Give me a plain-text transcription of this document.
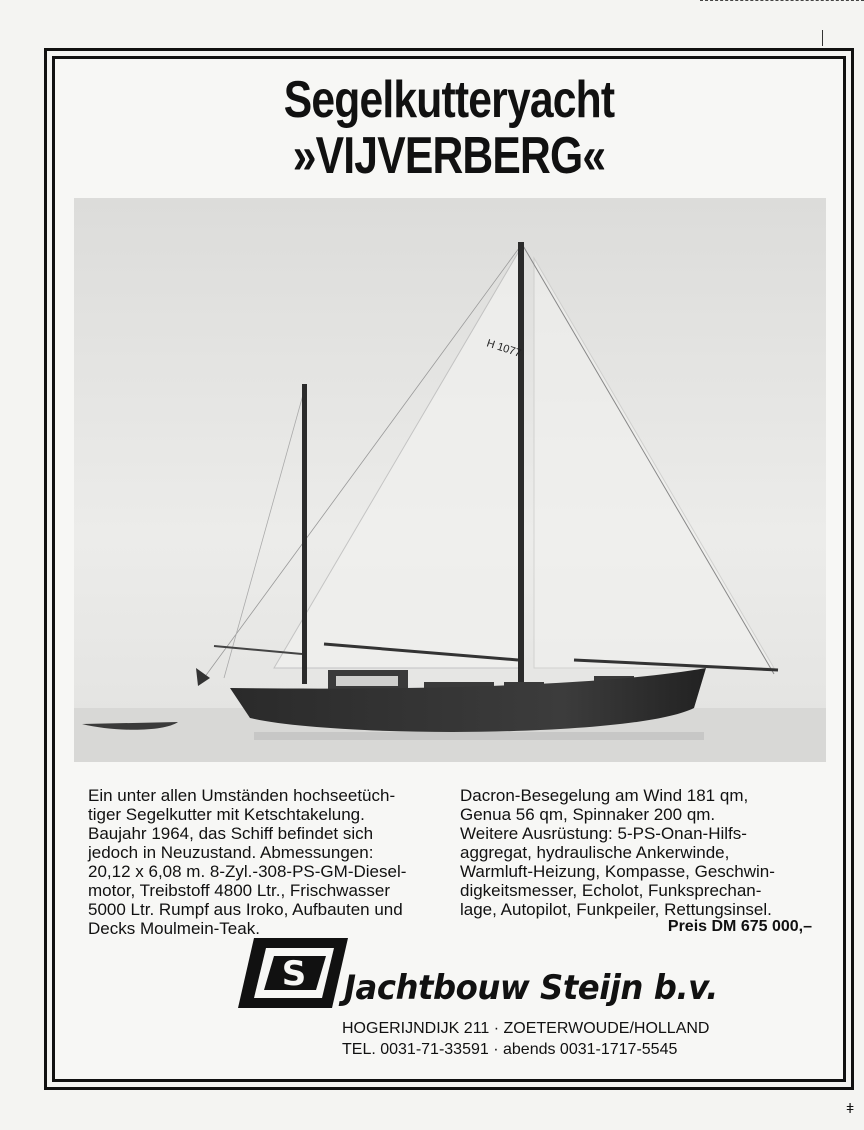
Segelkutteryacht
»VIJVERBERG«
H 1077
Ein unter allen Umständen hochseetüch-
tiger Segelkutter mit Ketschtakelung.
Baujahr 1964, das Schiff befindet sich
jedoch in Neuzustand. Abmessungen:
20,12 x 6,08 m. 8-Zyl.-308-PS-GM-Diesel-
motor, Treibstoff 4800 Ltr., Frischwasser
5000 Ltr. Rumpf aus Iroko, Aufbauten und
Decks Moulmein-Teak.
Dacron-Besegelung am Wind 181 qm,
Genua 56 qm, Spinnaker 200 qm.
Weitere Ausrüstung: 5-PS-Onan-Hilfs-
aggregat, hydraulische Ankerwinde,
Warmluft-Heizung, Kompasse, Geschwin-
digkeitsmesser, Echolot, Funksprechan-
lage, Autopilot, Funkpeiler, Rettungsinsel.
Preis DM 675 000,–
S Jachtbouw Steijn b.v.
HOGERIJNDIJK 211 · ZOETERWOUDE/HOLLAND
TEL. 0031-71-33591 · abends 0031-1717-5545
ǂ
